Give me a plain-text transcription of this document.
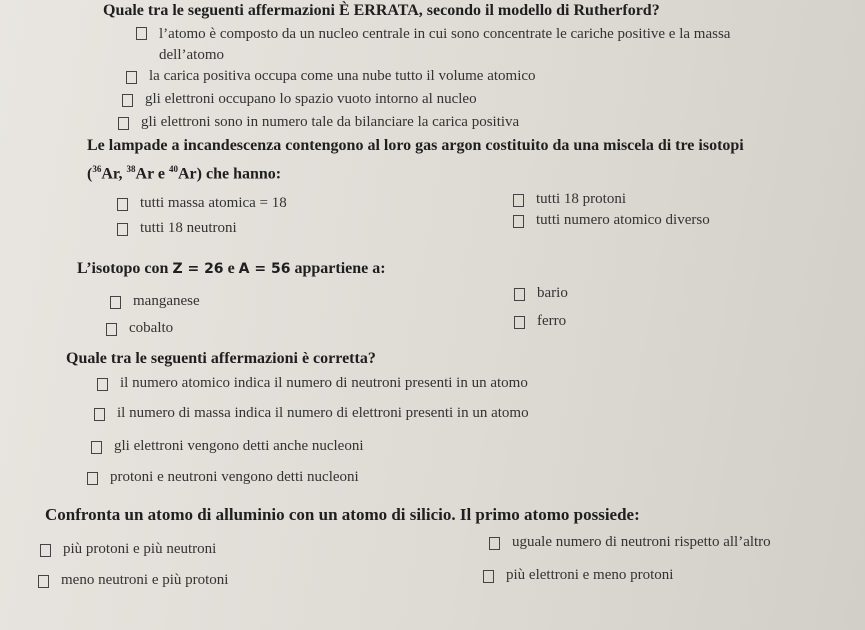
Quale tra le seguenti affermazioni È ERRATA, secondo il modello di Rutherford?
l’atomo è composto da un nucleo centrale in cui sono concentrate le cariche positive e la massa dell’atomo
la carica positiva occupa come una nube tutto il volume atomico
gli elettroni occupano lo spazio vuoto intorno al nucleo
gli elettroni sono in numero tale da bilanciare la carica positiva
Le lampade a incandescenza contengono al loro gas argon costituito da una miscela di tre isotopi
($^{36}$Ar, $^{38}$Ar e $^{40}$Ar) che hanno:
tutti massa atomica = 18
tutti 18 neutroni
tutti 18 protoni
tutti numero atomico diverso
L’isotopo con Z = 26 e A = 56 appartiene a:
manganese
cobalto
bario
ferro
Quale tra le seguenti affermazioni è corretta?
il numero atomico indica il numero di neutroni presenti in un atomo
il numero di massa indica il numero di elettroni presenti in un atomo
gli elettroni vengono detti anche nucleoni
protoni e neutroni vengono detti nucleoni
Confronta un atomo di alluminio con un atomo di silicio. Il primo atomo possiede:
più protoni e più neutroni
meno neutroni e più protoni
uguale numero di neutroni rispetto all’altro
più elettroni e meno protoni
